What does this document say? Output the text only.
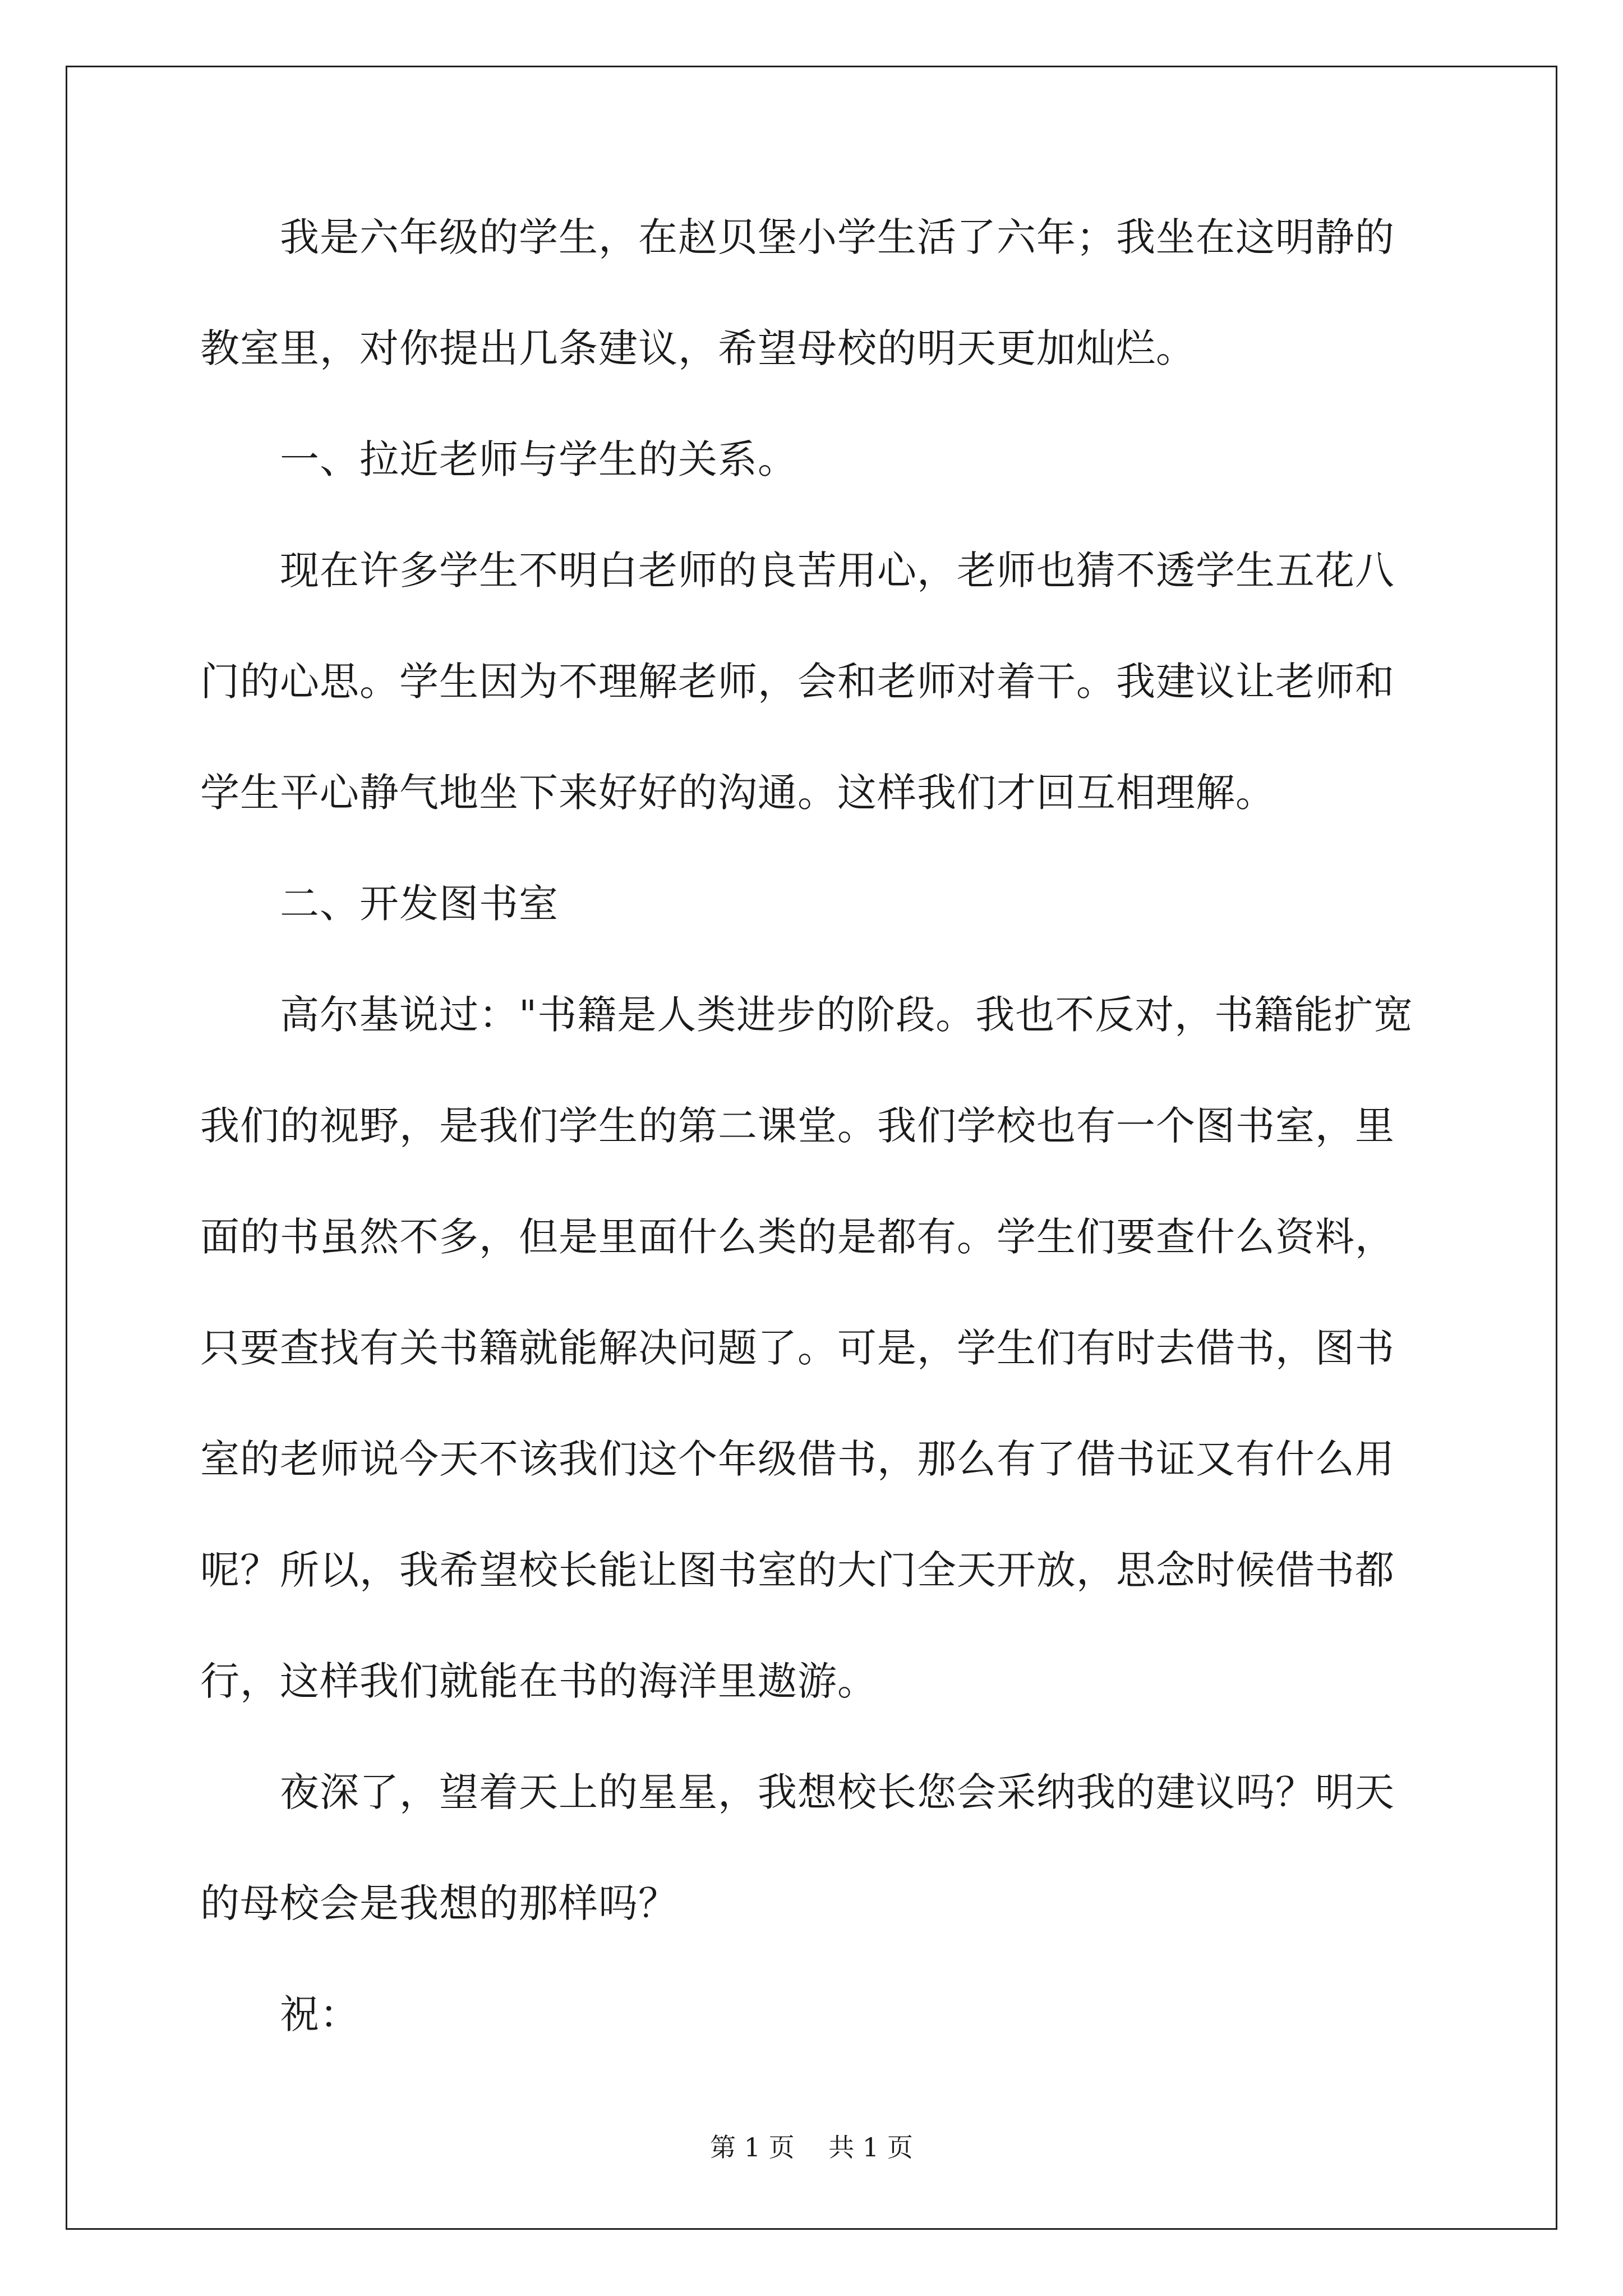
　　我是六年级的学生，在赵贝堡小学生活了六年；我坐在这明静的
教室里，对你提出几条建议，希望母校的明天更加灿烂。
　　一、拉近老师与学生的关系。
　　现在许多学生不明白老师的良苦用心，老师也猜不透学生五花八
门的心思。学生因为不理解老师，会和老师对着干。我建议让老师和
学生平心静气地坐下来好好的沟通。这样我们才回互相理解。
　　二、开发图书室
　　高尔基说过："书籍是人类进步的阶段。我也不反对，书籍能扩宽
我们的视野，是我们学生的第二课堂。我们学校也有一个图书室，里
面的书虽然不多，但是里面什么类的是都有。学生们要查什么资料，
只要查找有关书籍就能解决问题了。可是，学生们有时去借书，图书
室的老师说今天不该我们这个年级借书，那么有了借书证又有什么用
呢？所以，我希望校长能让图书室的大门全天开放，思念时候借书都
行，这样我们就能在书的海洋里遨游。
　　夜深了，望着天上的星星，我想校长您会采纳我的建议吗？明天
的母校会是我想的那样吗？
　　祝：
第 1 页　 共 1 页
